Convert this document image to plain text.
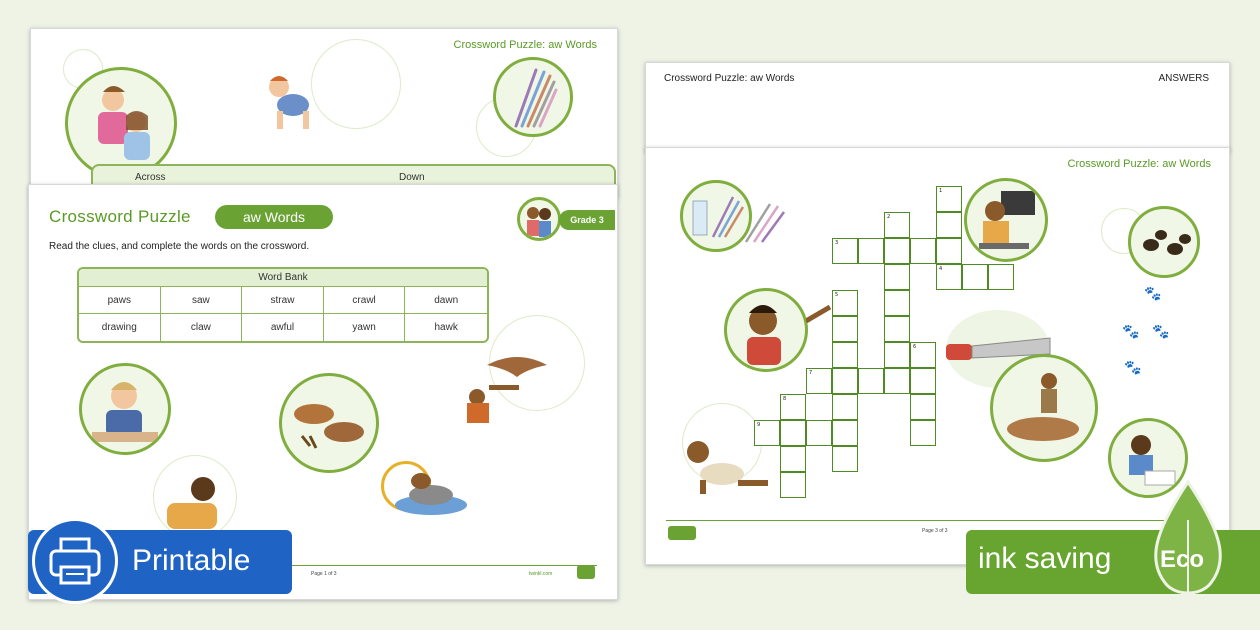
Crossword Puzzle: aw Words
Across	Down
Crossword Puzzle	aw Words	Grade 3
Read the clues, and complete the words on the crossword.
Word Bank
paws	saw	straw	crawl	dawn
drawing	claw	awful	yawn	hawk
Page 1 of 3	twinkl.com
Crossword Puzzle: aw Words	ANSWERS
Crossword Puzzle: aw Words
1
4
2
3
5
6
7
8
9
🐾
🐾 🐾
🐾
Page 3 of 3
Printable	ink saving Eco
